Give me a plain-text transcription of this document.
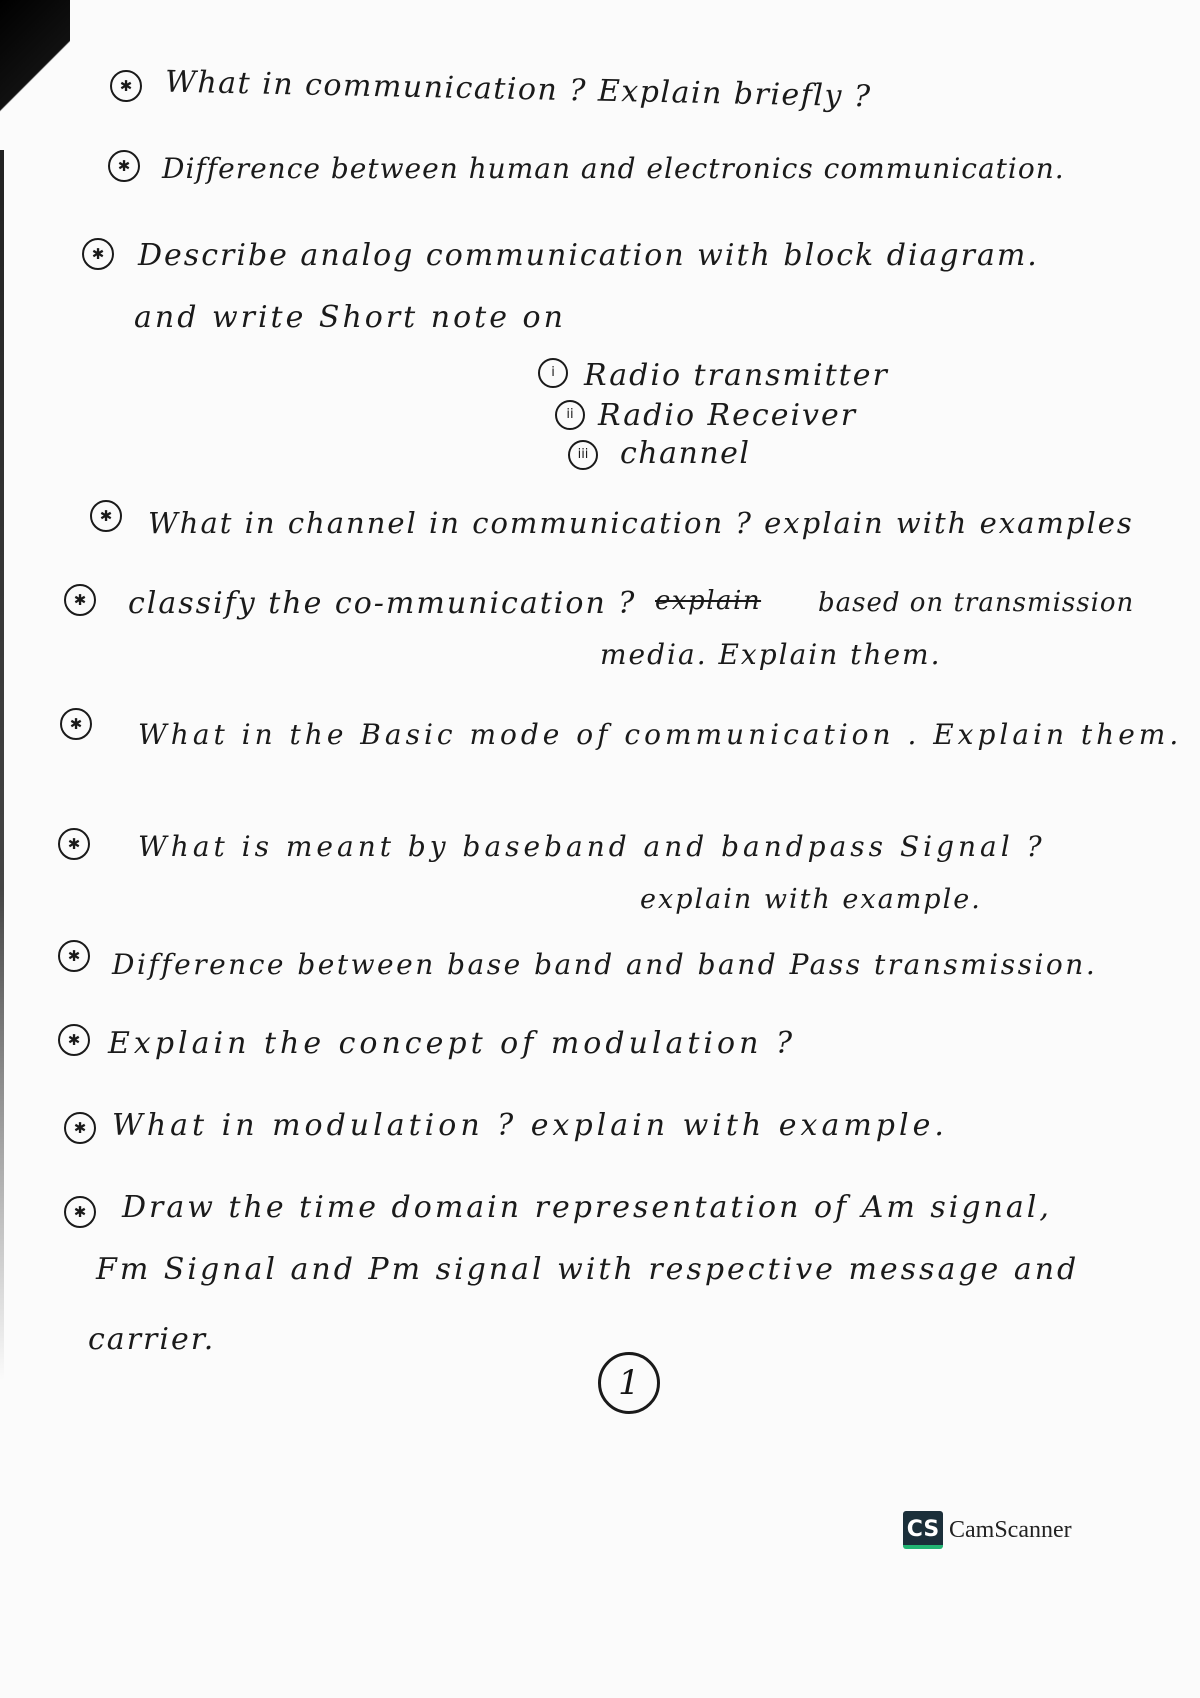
✱	What in communication ? Explain briefly ?
✱	Difference between human and electronics communication.
✱	Describe analog communication with block diagram.
and write Short note on
i Radio transmitter
ii Radio Receiver
iii	channel
✱	What in channel in communication ? explain with examples
✱	classify the co-mmunication ? explain based on transmission
media. Explain them.
✱	What in the Basic mode of communication . Explain them.
✱	What is meant by baseband and bandpass Signal ?
explain with example.
✱	Difference between base band and band Pass transmission.
✱ Explain the concept of modulation ?
✱ What in modulation ? explain with example.
✱	Draw the time domain representation of Am signal,
Fm Signal and Pm signal with respective message and
carrier.
1
CS CamScanner
